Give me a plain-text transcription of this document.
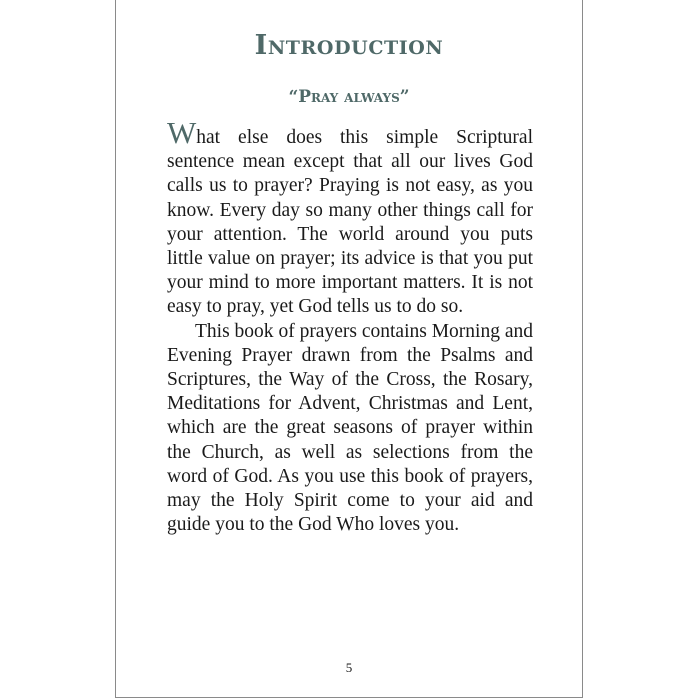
Introduction
“Pray always”

What else does this simple Scriptural sentence mean except that all our lives God calls us to prayer? Praying is not easy, as you know. Every day so many other things call for your attention. The world around you puts little value on prayer; its advice is that you put your mind to more important matters. It is not easy to pray, yet God tells us to do so.

This book of prayers contains Morning and Evening Prayer drawn from the Psalms and Scriptures, the Way of the Cross, the Rosary, Meditations for Advent, Christmas and Lent, which are the great seasons of prayer within the Church, as well as selections from the word of God. As you use this book of prayers, may the Holy Spirit come to your aid and guide you to the God Who loves you.

5
